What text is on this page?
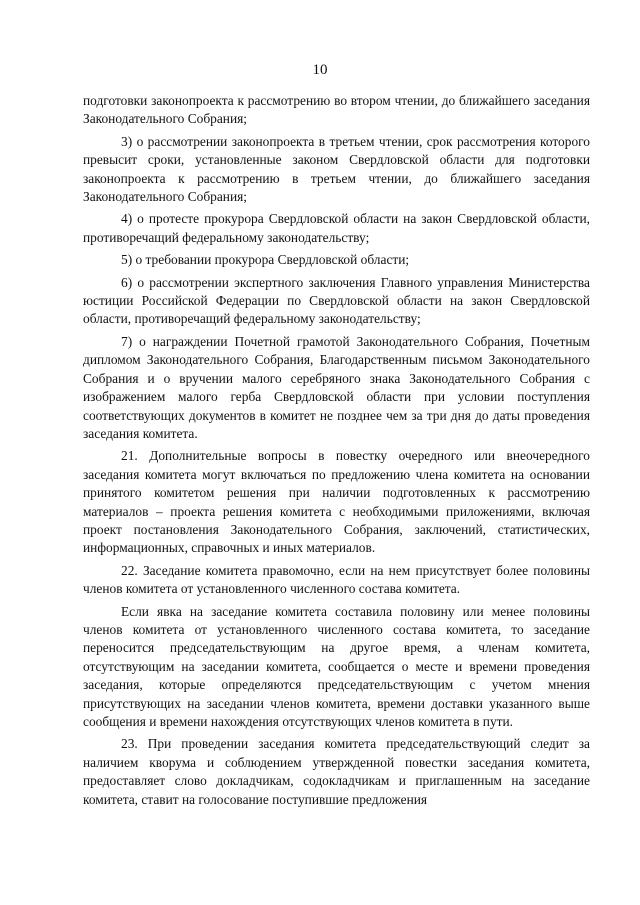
10

подготовки законопроекта к рассмотрению во втором чтении, до ближайшего заседания Законодательного Собрания;

3) о рассмотрении законопроекта в третьем чтении, срок рассмотрения которого превысит сроки, установленные законом Свердловской области для подготовки законопроекта к рассмотрению в третьем чтении, до ближайшего заседания Законодательного Собрания;

4) о протесте прокурора Свердловской области на закон Свердловской области, противоречащий федеральному законодательству;

5) о требовании прокурора Свердловской области;

6) о рассмотрении экспертного заключения Главного управления Министерства юстиции Российской Федерации по Свердловской области на закон Свердловской области, противоречащий федеральному законодательству;

7) о награждении Почетной грамотой Законодательного Собрания, Почетным дипломом Законодательного Собрания, Благодарственным письмом Законодательного Собрания и о вручении малого серебряного знака Законодательного Собрания с изображением малого герба Свердловской области при условии поступления соответствующих документов в комитет не позднее чем за три дня до даты проведения заседания комитета.

21. Дополнительные вопросы в повестку очередного или внеочередного заседания комитета могут включаться по предложению члена комитета на основании принятого комитетом решения при наличии подготовленных к рассмотрению материалов – проекта решения комитета с необходимыми приложениями, включая проект постановления Законодательного Собрания, заключений, статистических, информационных, справочных и иных материалов.

22. Заседание комитета правомочно, если на нем присутствует более половины членов комитета от установленного численного состава комитета.

Если явка на заседание комитета составила половину или менее половины членов комитета от установленного численного состава комитета, то заседание переносится председательствующим на другое время, а членам комитета, отсутствующим на заседании комитета, сообщается о месте и времени проведения заседания, которые определяются председательствующим с учетом мнения присутствующих на заседании членов комитета, времени доставки указанного выше сообщения и времени нахождения отсутствующих членов комитета в пути.

23. При проведении заседания комитета председательствующий следит за наличием кворума и соблюдением утвержденной повестки заседания комитета, предоставляет слово докладчикам, содокладчикам и приглашенным на заседание комитета, ставит на голосование поступившие предложения
